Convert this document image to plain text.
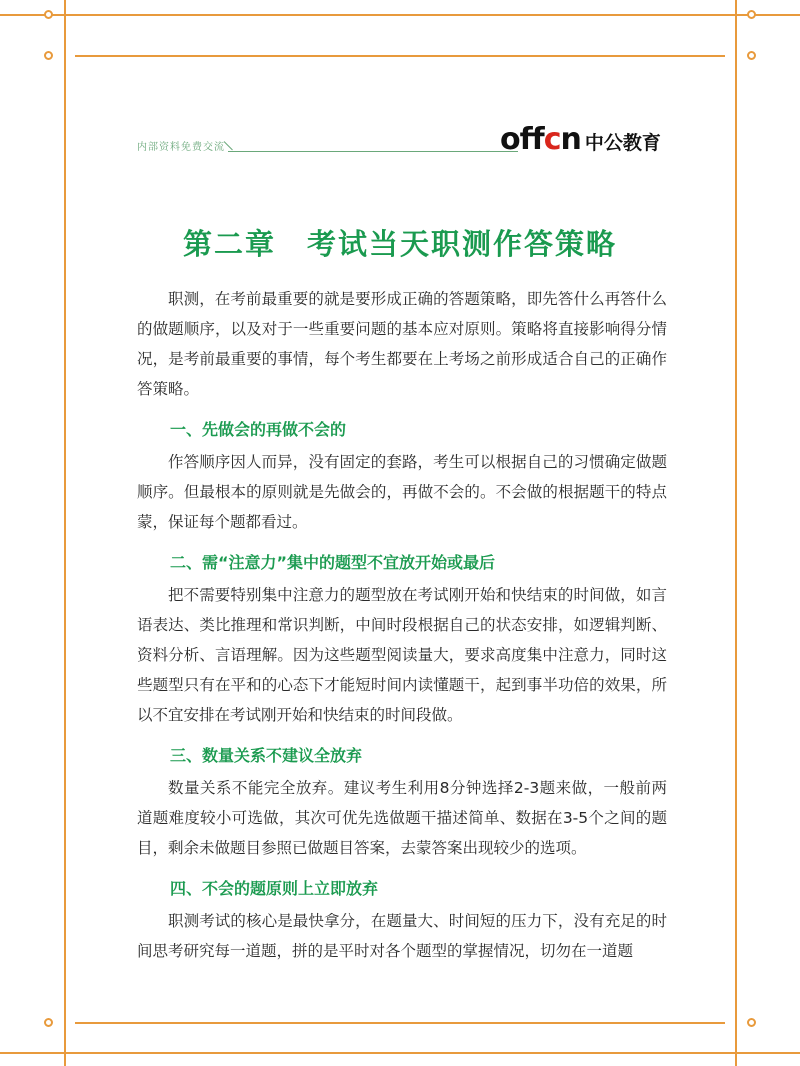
内部资料免费交流	offcn 中公教育
第二章　考试当天职测作答策略

职测，在考前最重要的就是要形成正确的答题策略，即先答什么再答什么的做题顺序，以及对于一些重要问题的基本应对原则。策略将直接影响得分情况，是考前最重要的事情，每个考生都要在上考场之前形成适合自己的正确作答策略。

一、先做会的再做不会的

作答顺序因人而异，没有固定的套路，考生可以根据自己的习惯确定做题顺序。但最根本的原则就是先做会的，再做不会的。不会做的根据题干的特点蒙，保证每个题都看过。

二、需“注意力”集中的题型不宜放开始或最后

把不需要特别集中注意力的题型放在考试刚开始和快结束的时间做，如言语表达、类比推理和常识判断，中间时段根据自己的状态安排，如逻辑判断、资料分析、言语理解。因为这些题型阅读量大，要求高度集中注意力，同时这些题型只有在平和的心态下才能短时间内读懂题干，起到事半功倍的效果，所以不宜安排在考试刚开始和快结束的时间段做。

三、数量关系不建议全放弃

数量关系不能完全放弃。建议考生利用8分钟选择2-3题来做，一般前两道题难度较小可选做，其次可优先选做题干描述简单、数据在3-5个之间的题目，剩余未做题目参照已做题目答案，去蒙答案出现较少的选项。

四、不会的题原则上立即放弃

职测考试的核心是最快拿分，在题量大、时间短的压力下，没有充足的时间思考研究每一道题，拼的是平时对各个题型的掌握情况，切勿在一道题
